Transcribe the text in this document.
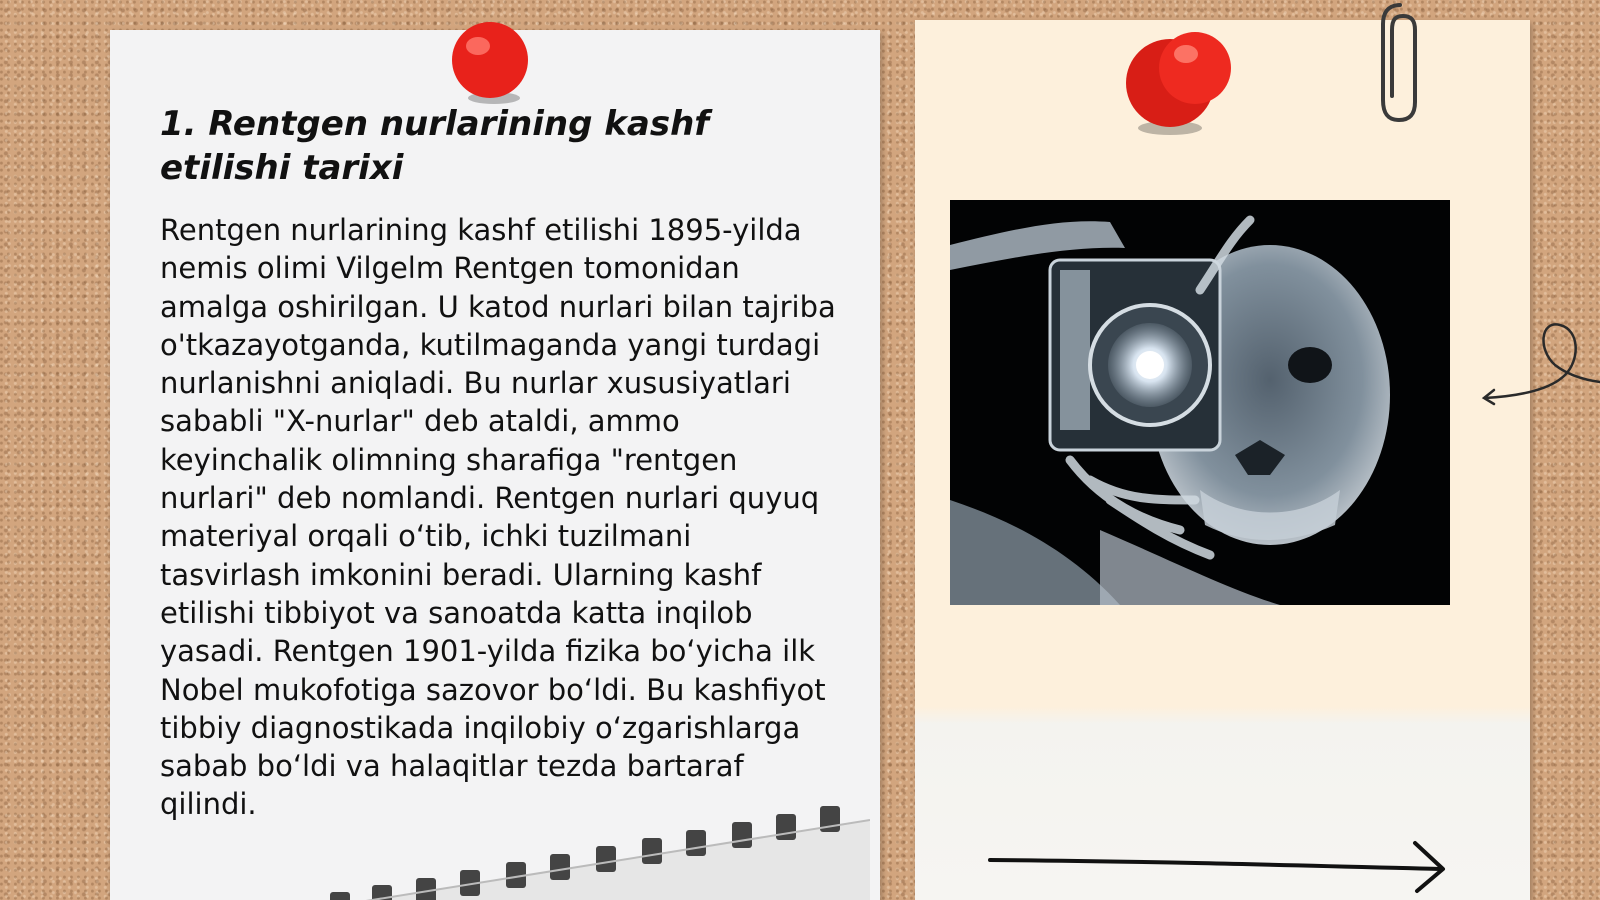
1. Rentgen nurlarining kashf etilishi tarixi

Rentgen nurlarining kashf etilishi 1895-yilda nemis olimi Vilgelm Rentgen tomonidan amalga oshirilgan. U katod nurlari bilan tajriba o'tkazayotganda, kutilmaganda yangi turdagi nurlanishni aniqladi. Bu nurlar xususiyatlari sababli "X-nurlar" deb ataldi, ammo keyinchalik olimning sharafiga "rentgen nurlari" deb nomlandi. Rentgen nurlari quyuq materiyal orqali oʻtib, ichki tuzilmani tasvirlash imkonini beradi. Ularning kashf etilishi tibbiyot va sanoatda katta inqilob yasadi. Rentgen 1901-yilda fizika boʻyicha ilk Nobel mukofotiga sazovor boʻldi. Bu kashfiyot tibbiy diagnostikada inqilobiy oʻzgarishlarga sabab boʻldi va halaqitlar tezda bartaraf qilindi.
